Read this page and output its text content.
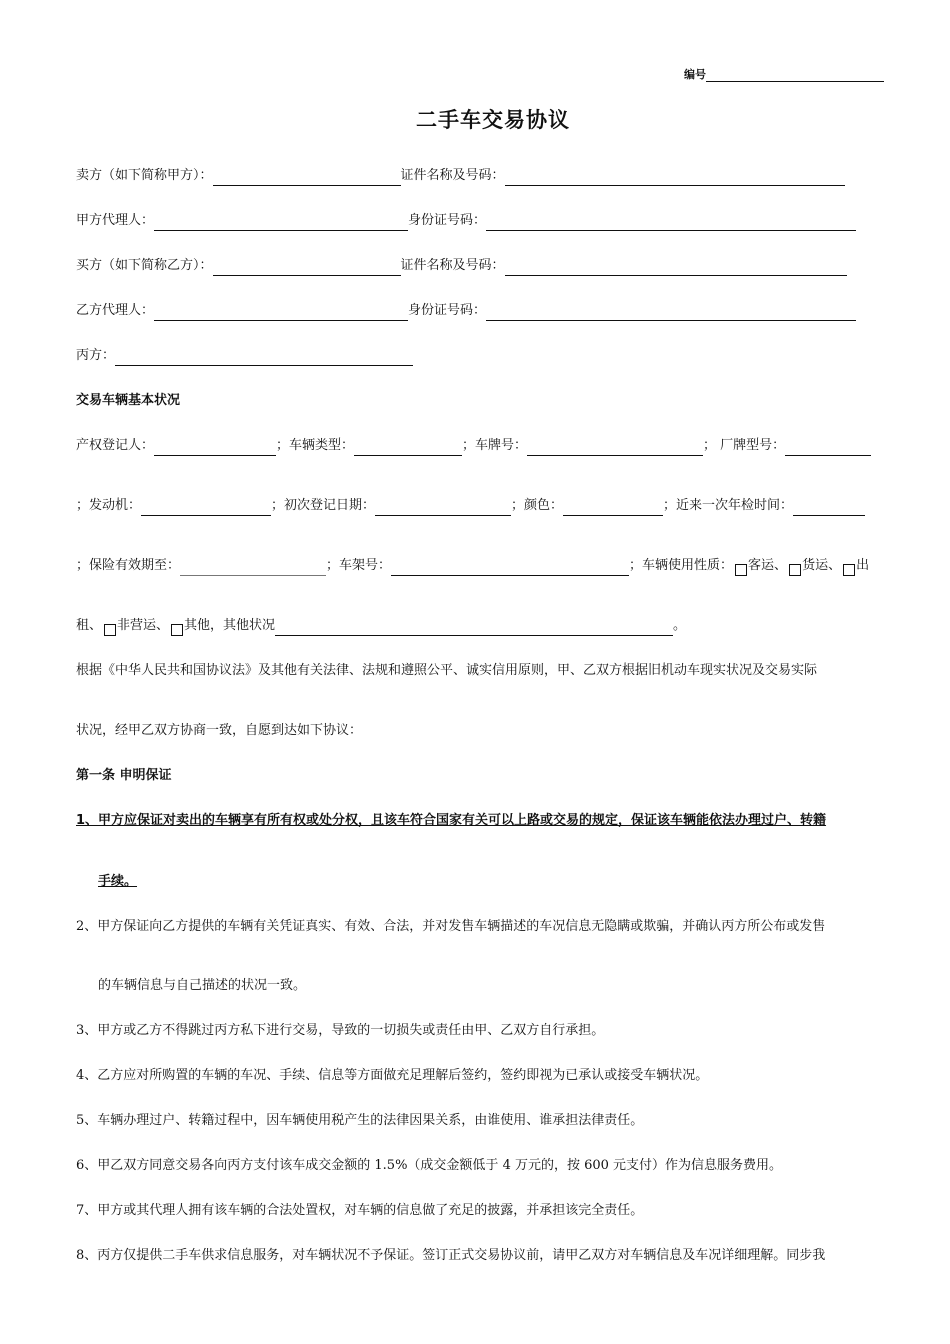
编号
二手车交易协议
卖方（如下简称甲方）：	证件名称及号码：
甲方代理人：	身份证号码：
买方（如下简称乙方）：	证件名称及号码：
乙方代理人：	身份证号码：
丙方：
交易车辆基本状况
产权登记人：	；车辆类型：	；车牌号：	； 厂牌型号：
；发动机：	；初次登记日期：	；颜色：	；近来一次年检时间：
；保险有效期至：	；车架号：	；车辆使用性质： 客运、 货运、 出
租、 非营运、 其他，其他状况	。
根据《中华人民共和国协议法》及其他有关法律、法规和遵照公平、诚实信用原则，甲、乙双方根据旧机动车现实状况及交易实际
状况，经甲乙双方协商一致，自愿到达如下协议：
第一条 申明保证
1、甲方应保证对卖出的车辆享有所有权或处分权，且该车符合国家有关可以上路或交易的规定，保证该车辆能依法办理过户、转籍
手续。
2、甲方保证向乙方提供的车辆有关凭证真实、有效、合法，并对发售车辆描述的车况信息无隐瞒或欺骗，并确认丙方所公布或发售
的车辆信息与自己描述的状况一致。
3、甲方或乙方不得跳过丙方私下进行交易，导致的一切损失或责任由甲、乙双方自行承担。
4、乙方应对所购置的车辆的车况、手续、信息等方面做充足理解后签约，签约即视为已承认或接受车辆状况。
5、车辆办理过户、转籍过程中，因车辆使用税产生的法律因果关系，由谁使用、谁承担法律责任。
6、甲乙双方同意交易各向丙方支付该车成交金额的 1.5%（成交金额低于 4 万元的，按 600 元支付）作为信息服务费用。
7、甲方或其代理人拥有该车辆的合法处置权，对车辆的信息做了充足的披露，并承担该完全责任。
8、丙方仅提供二手车供求信息服务，对车辆状况不予保证。签订正式交易协议前，请甲乙双方对车辆信息及车况详细理解。同步我
